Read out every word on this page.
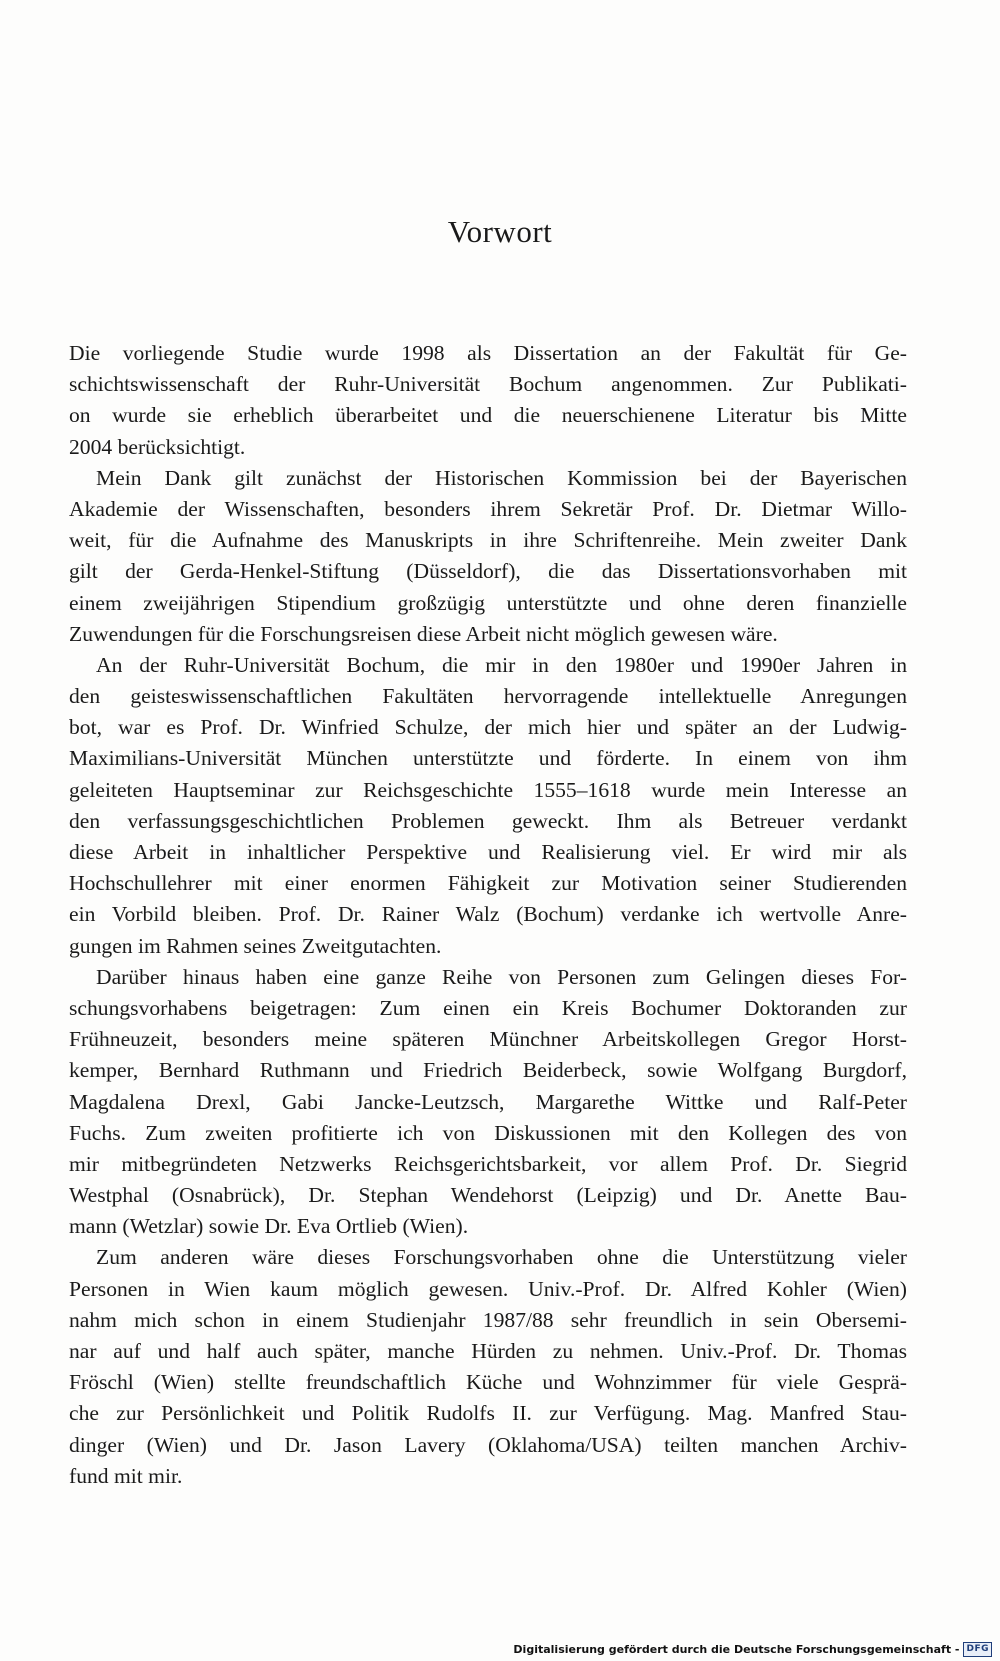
Vorwort
Die vorliegende Studie wurde 1998 als Dissertation an der Fakultät für Ge-
schichtswissenschaft der Ruhr-Universität Bochum angenommen. Zur Publikati-
on wurde sie erheblich überarbeitet und die neuerschienene Literatur bis Mitte
2004 berücksichtigt.
Mein Dank gilt zunächst der Historischen Kommission bei der Bayerischen
Akademie der Wissenschaften, besonders ihrem Sekretär Prof. Dr. Dietmar Willo-
weit, für die Aufnahme des Manuskripts in ihre Schriftenreihe. Mein zweiter Dank
gilt der Gerda-Henkel-Stiftung (Düsseldorf), die das Dissertationsvorhaben mit
einem zweijährigen Stipendium großzügig unterstützte und ohne deren finanzielle
Zuwendungen für die Forschungsreisen diese Arbeit nicht möglich gewesen wäre.
An der Ruhr-Universität Bochum, die mir in den 1980er und 1990er Jahren in
den geisteswissenschaftlichen Fakultäten hervorragende intellektuelle Anregungen
bot, war es Prof. Dr. Winfried Schulze, der mich hier und später an der Ludwig-
Maximilians-Universität München unterstützte und förderte. In einem von ihm
geleiteten Hauptseminar zur Reichsgeschichte 1555–1618 wurde mein Interesse an
den verfassungsgeschichtlichen Problemen geweckt. Ihm als Betreuer verdankt
diese Arbeit in inhaltlicher Perspektive und Realisierung viel. Er wird mir als
Hochschullehrer mit einer enormen Fähigkeit zur Motivation seiner Studierenden
ein Vorbild bleiben. Prof. Dr. Rainer Walz (Bochum) verdanke ich wertvolle Anre-
gungen im Rahmen seines Zweitgutachten.
Darüber hinaus haben eine ganze Reihe von Personen zum Gelingen dieses For-
schungsvorhabens beigetragen: Zum einen ein Kreis Bochumer Doktoranden zur
Frühneuzeit, besonders meine späteren Münchner Arbeitskollegen Gregor Horst-
kemper, Bernhard Ruthmann und Friedrich Beiderbeck, sowie Wolfgang Burgdorf,
Magdalena Drexl, Gabi Jancke-Leutzsch, Margarethe Wittke und Ralf-Peter
Fuchs. Zum zweiten profitierte ich von Diskussionen mit den Kollegen des von
mir mitbegründeten Netzwerks Reichsgerichtsbarkeit, vor allem Prof. Dr. Siegrid
Westphal (Osnabrück), Dr. Stephan Wendehorst (Leipzig) und Dr. Anette Bau-
mann (Wetzlar) sowie Dr. Eva Ortlieb (Wien).
Zum anderen wäre dieses Forschungsvorhaben ohne die Unterstützung vieler
Personen in Wien kaum möglich gewesen. Univ.-Prof. Dr. Alfred Kohler (Wien)
nahm mich schon in einem Studienjahr 1987/88 sehr freundlich in sein Obersemi-
nar auf und half auch später, manche Hürden zu nehmen. Univ.-Prof. Dr. Thomas
Fröschl (Wien) stellte freundschaftlich Küche und Wohnzimmer für viele Gesprä-
che zur Persönlichkeit und Politik Rudolfs II. zur Verfügung. Mag. Manfred Stau-
dinger (Wien) und Dr. Jason Lavery (Oklahoma/USA) teilten manchen Archiv-
fund mit mir.
Digitalisierung gefördert durch die Deutsche Forschungsgemeinschaft - DFG
